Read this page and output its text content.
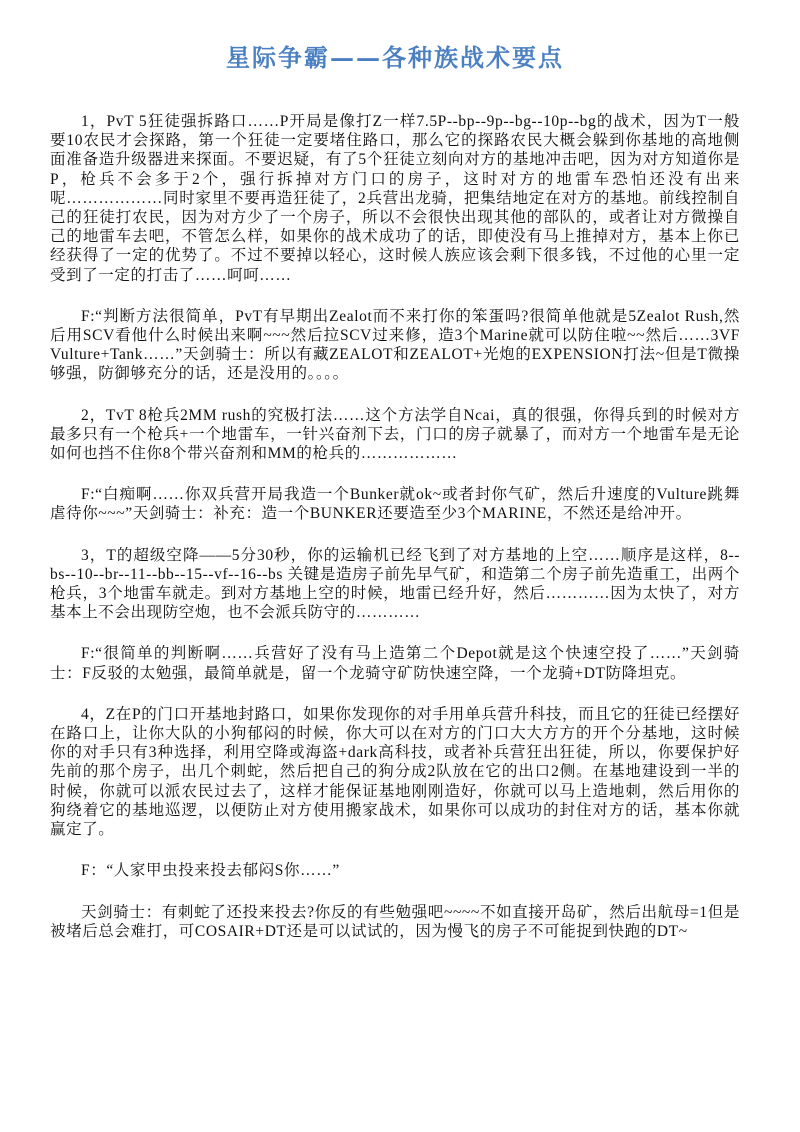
星际争霸——各种族战术要点

1，PvT 5狂徒强拆路口……P开局是像打Z一样7.5P--bp--9p--bg--10p--bg的战术，因为T一般要10农民才会探路，第一个狂徒一定要堵住路口，那么它的探路农民大概会躲到你基地的高地侧面准备造升级器进来探面。不要迟疑，有了5个狂徒立刻向对方的基地冲击吧，因为对方知道你是P，枪兵不会多于2个，强行拆掉对方门口的房子，这时对方的地雷车恐怕还没有出来呢………………同时家里不要再造狂徒了，2兵营出龙骑，把集结地定在对方的基地。前线控制自己的狂徒打农民，因为对方少了一个房子，所以不会很快出现其他的部队的，或者让对方微操自己的地雷车去吧，不管怎么样，如果你的战术成功了的话，即使没有马上推掉对方，基本上你已经获得了一定的优势了。不过不要掉以轻心，这时候人族应该会剩下很多钱，不过他的心里一定受到了一定的打击了……呵呵……

F:“判断方法很简单，PvT有早期出Zealot而不来打你的笨蛋吗?很简单他就是5Zealot Rush,然后用SCV看他什么时候出来啊~~~然后拉SCV过来修，造3个Marine就可以防住啦~~然后……3VF Vulture+Tank……”天剑骑士：所以有藏ZEALOT和ZEALOT+光炮的EXPENSION打法~但是T微操够强，防御够充分的话，还是没用的。。。。

2，TvT 8枪兵2MM rush的究极打法……这个方法学自Ncai，真的很强，你得兵到的时候对方最多只有一个枪兵+一个地雷车，一针兴奋剂下去，门口的房子就暴了，而对方一个地雷车是无论如何也挡不住你8个带兴奋剂和MM的枪兵的………………

F:“白痴啊……你双兵营开局我造一个Bunker就ok~或者封你气矿，然后升速度的Vulture跳舞虐待你~~~”天剑骑士：补充：造一个BUNKER还要造至少3个MARINE，不然还是给冲开。

3，T的超级空降——5分30秒，你的运输机已经飞到了对方基地的上空……顺序是这样，8--bs--10--br--11--bb--15--vf--16--bs 关键是造房子前先早气矿，和造第二个房子前先造重工，出两个枪兵，3个地雷车就走。到对方基地上空的时候，地雷已经升好，然后…………因为太快了，对方基本上不会出现防空炮，也不会派兵防守的…………

F:“很简单的判断啊……兵营好了没有马上造第二个Depot就是这个快速空投了……”天剑骑士：F反驳的太勉强，最简单就是，留一个龙骑守矿防快速空降，一个龙骑+DT防降坦克。

4，Z在P的门口开基地封路口，如果你发现你的对手用单兵营升科技，而且它的狂徒已经摆好在路口上，让你大队的小狗郁闷的时候，你大可以在对方的门口大大方方的开个分基地，这时候你的对手只有3种选择，利用空降或海盗+dark高科技，或者补兵营狂出狂徒，所以，你要保护好先前的那个房子，出几个刺蛇，然后把自己的狗分成2队放在它的出口2侧。在基地建设到一半的时候，你就可以派农民过去了，这样才能保证基地刚刚造好，你就可以马上造地刺，然后用你的狗绕着它的基地巡逻，以便防止对方使用搬家战术，如果你可以成功的封住对方的话，基本你就赢定了。

F：“人家甲虫投来投去郁闷S你……”

天剑骑士：有刺蛇了还投来投去?你反的有些勉强吧~~~~不如直接开岛矿，然后出航母=1但是被堵后总会难打，可COSAIR+DT还是可以试试的，因为慢飞的房子不可能捉到快跑的DT~
